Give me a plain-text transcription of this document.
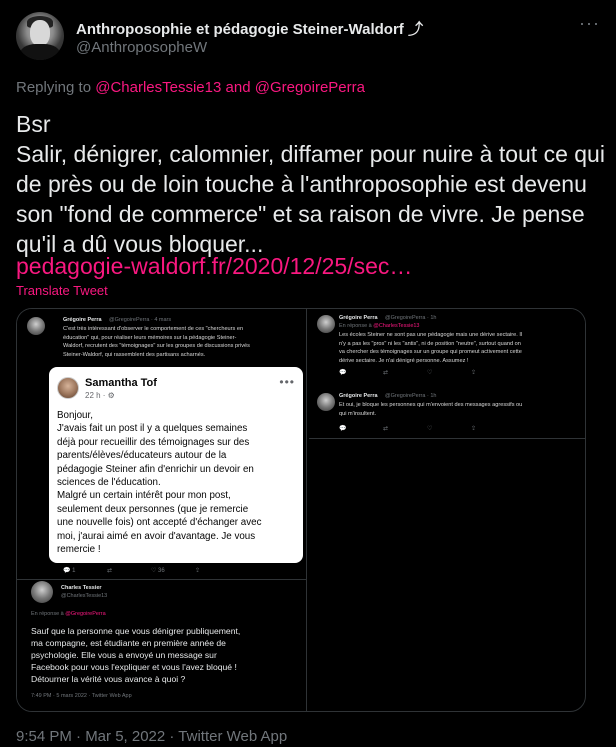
Anthroposophie et pédagogie Steiner-Waldorf ⤴
@AnthroposopheW
···
Replying to @CharlesTessie13 and @GregoirePerra
Bsr
Salir, dénigrer, calomnier, diffamer pour nuire à tout ce qui de près ou de loin touche à l'anthroposophie est devenu son "fond de commerce" et sa raison de vivre. Je pense qu'il a dû vous bloquer...
pedagogie-waldorf.fr/2020/12/25/sec…
Translate Tweet
Grégoire Perra @GregoirePerra · 4 mars
C'est très intéressant d'observer le comportement de ces "chercheurs en
éducation" qui, pour réaliser leurs mémoires sur la pédagogie Steiner-
Waldorf, recrutent des "témoignages" sur les groupes de discussions privés
Steiner-Waldorf, qui rassemblent des partisans acharnés.
Samantha Tof
22 h · ⚙
•••
Bonjour,
J'avais fait un post il y a quelques semaines
déjà pour recueillir des témoignages sur des
parents/élèves/éducateurs autour de la
pédagogie Steiner afin d'enrichir un devoir en
sciences de l'éducation.
Malgré un certain intérêt pour mon post,
seulement deux personnes (que je remercie
une nouvelle fois) ont accepté d'échanger avec
moi, j'aurai aimé en avoir d'avantage. Je vous
remercie !
💬 1	⇄	♡ 36	⇪
Charles Tessier
@CharlesTessie13
En réponse à @GregoirePerra
Sauf que la personne que vous dénigrer publiquement,
ma compagne, est étudiante en première année de
psychologie. Elle vous a envoyé un message sur
Facebook pour vous l'expliquer et vous l'avez bloqué !
Détourner la vérité vous avance à quoi ?
7:49 PM · 5 mars 2022 · Twitter Web App
Grégoire Perra @GregoirePerra · 1h
En réponse à @CharlesTessie13
Les écoles Steiner ne sont pas une pédagogie mais une dérive sectaire. Il
n'y a pas les "pros" ni les "antis", ni de position "neutre", surtout quand on
va chercher des témoignages sur un groupe qui promeut activement cette
dérive sectaire. Je n'ai dénigré personne. Assumez !
💬	⇄	♡	⇪
Grégoire Perra @GregoirePerra · 1h
Et oui, je bloque les personnes qui m'envoient des messages agressifs ou
qui m'insultent.
💬	⇄	♡	⇪
9:54 PM · Mar 5, 2022 · Twitter Web App
